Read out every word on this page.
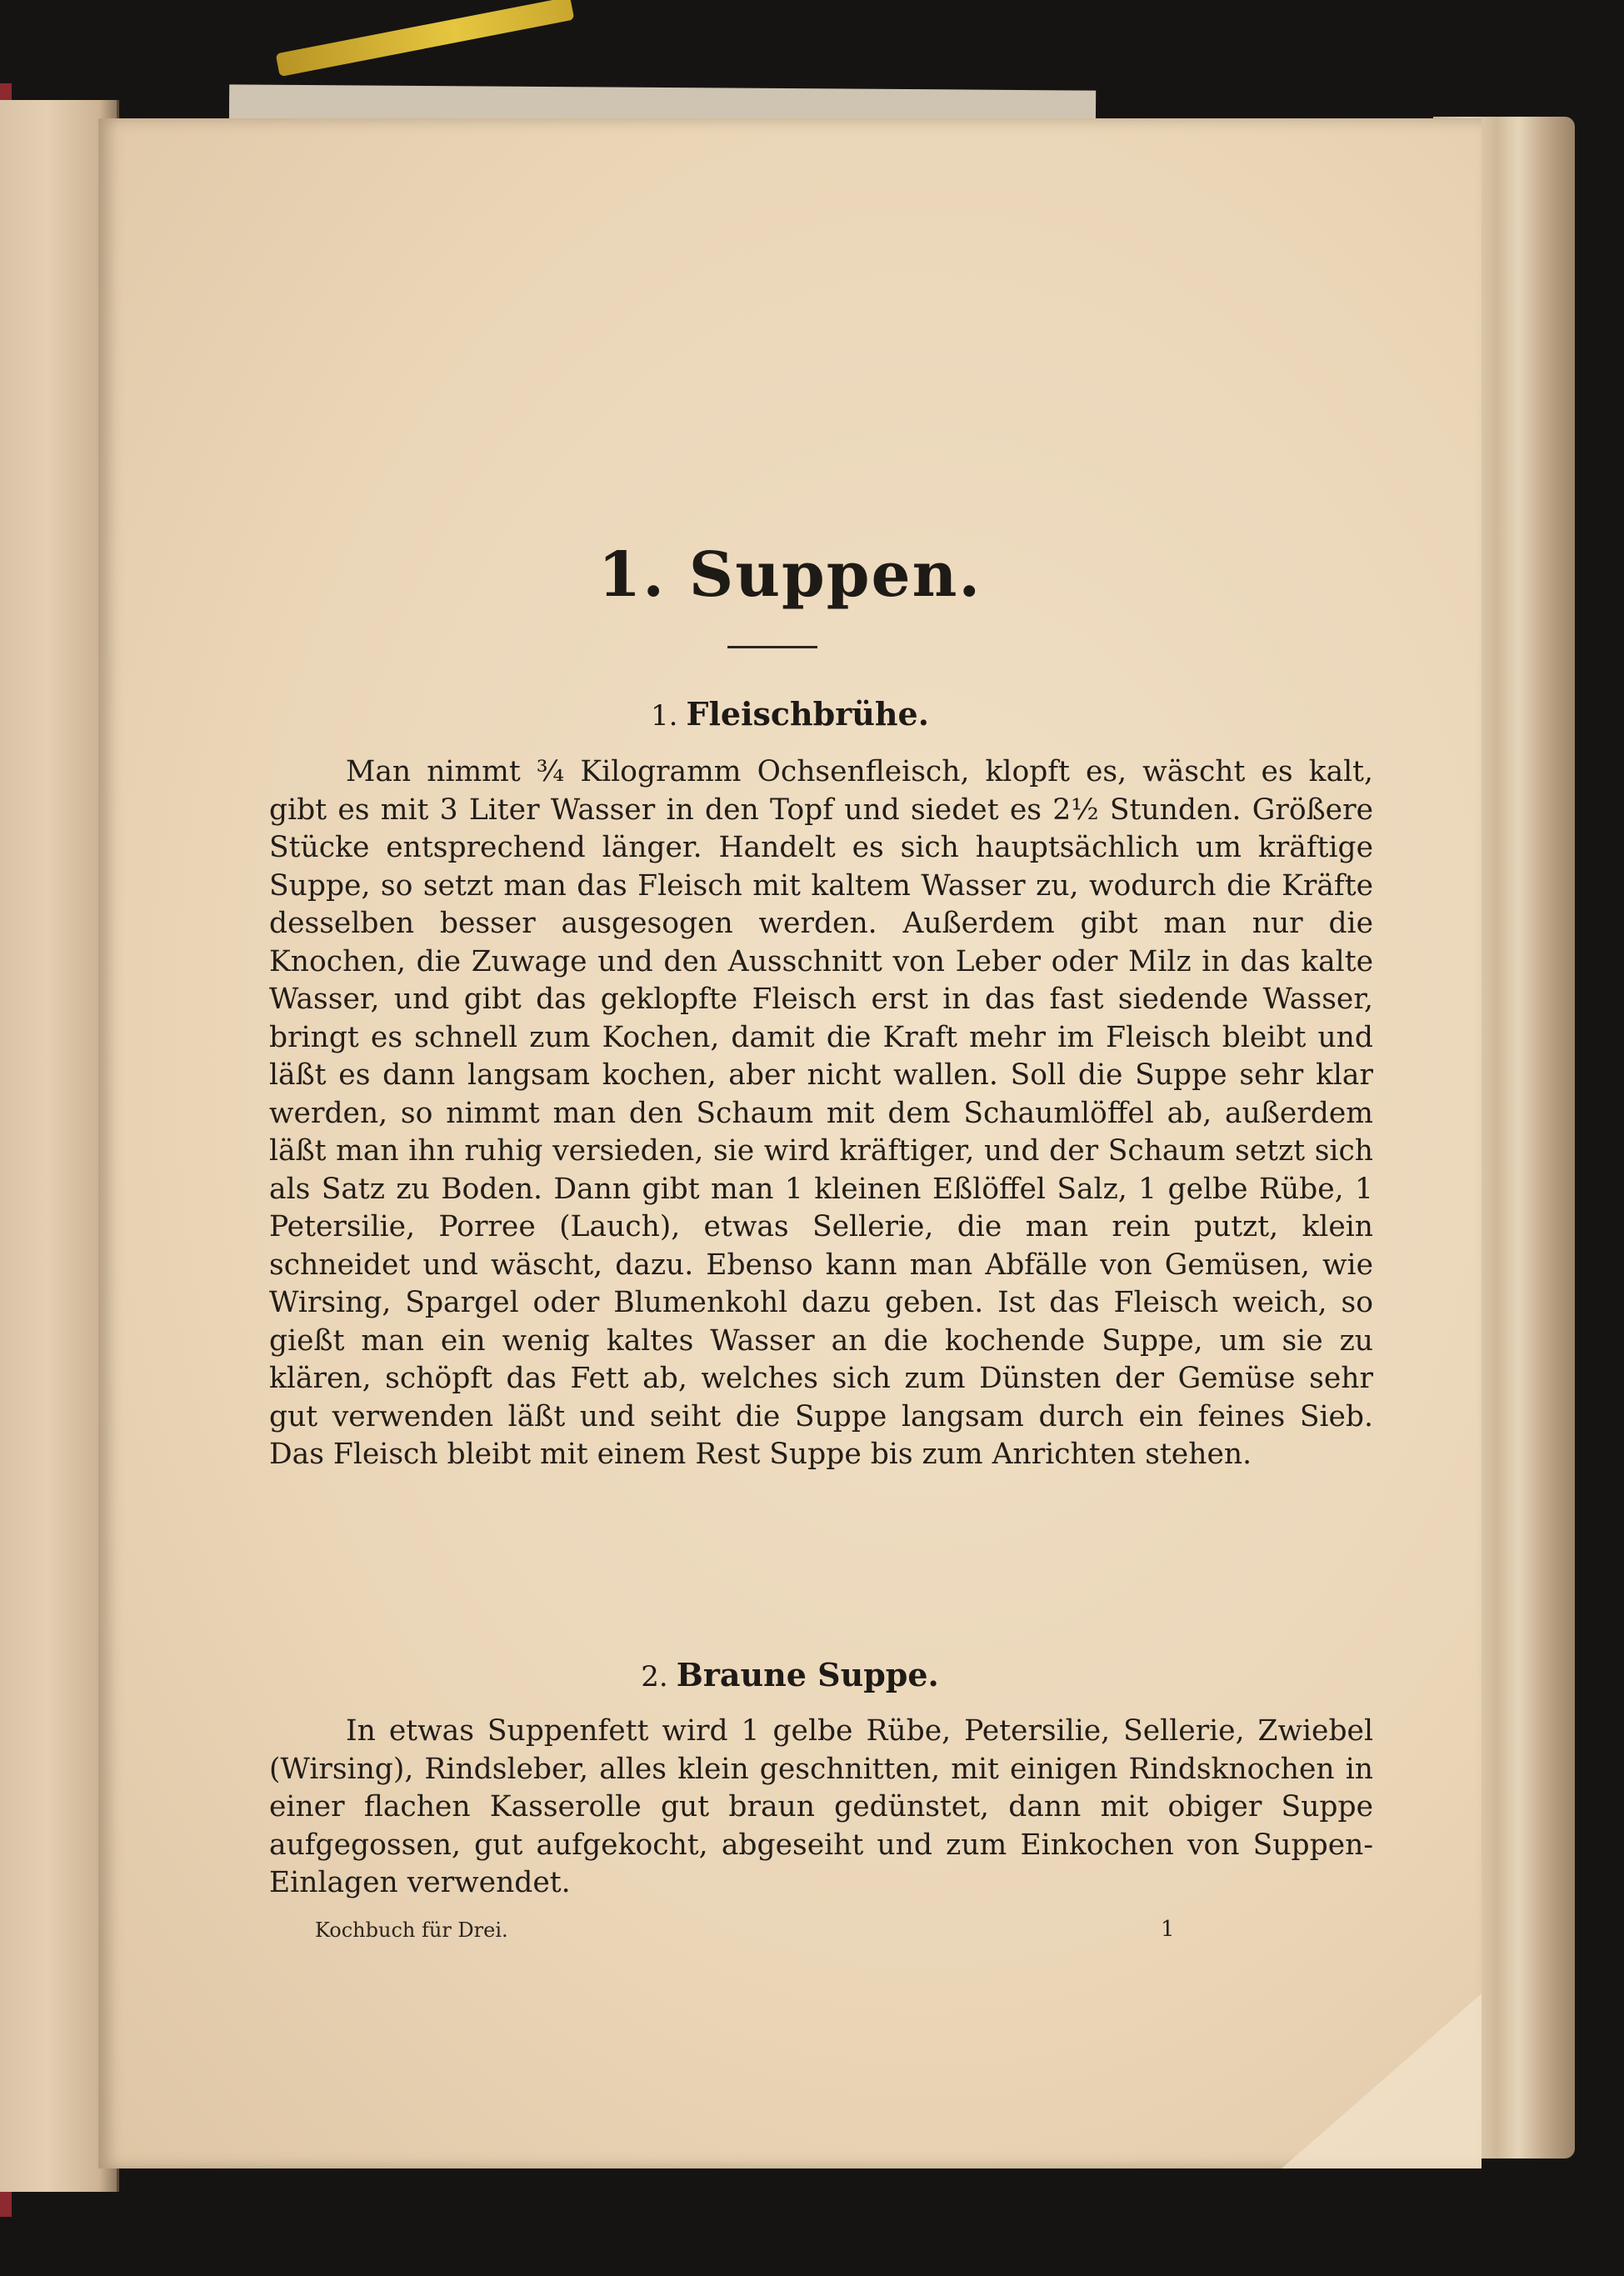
1. Suppen.
1. Fleischbrühe.

Man nimmt ¾ Kilogramm Ochsenfleisch, klopft es, wäscht es kalt, gibt es mit 3 Liter Wasser in den Topf und siedet es 2½ Stunden. Größere Stücke entsprechend länger. Handelt es sich hauptsächlich um kräftige Suppe, so setzt man das Fleisch mit kaltem Wasser zu, wodurch die Kräfte desselben besser ausgesogen werden. Außerdem gibt man nur die Knochen, die Zuwage und den Ausschnitt von Leber oder Milz in das kalte Wasser, und gibt das geklopfte Fleisch erst in das fast siedende Wasser, bringt es schnell zum Kochen, damit die Kraft mehr im Fleisch bleibt und läßt es dann langsam kochen, aber nicht wallen. Soll die Suppe sehr klar werden, so nimmt man den Schaum mit dem Schaumlöffel ab, außerdem läßt man ihn ruhig versieden, sie wird kräftiger, und der Schaum setzt sich als Satz zu Boden. Dann gibt man 1 kleinen Eßlöffel Salz, 1 gelbe Rübe, 1 Petersilie, Porree (Lauch), etwas Sellerie, die man rein putzt, klein schneidet und wäscht, dazu. Ebenso kann man Abfälle von Gemüsen, wie Wirsing, Spargel oder Blumenkohl dazu geben. Ist das Fleisch weich, so gießt man ein wenig kaltes Wasser an die kochende Suppe, um sie zu klären, schöpft das Fett ab, welches sich zum Dünsten der Gemüse sehr gut verwenden läßt und seiht die Suppe langsam durch ein feines Sieb. Das Fleisch bleibt mit einem Rest Suppe bis zum Anrichten stehen.

2. Braune Suppe.

In etwas Suppenfett wird 1 gelbe Rübe, Petersilie, Sellerie, Zwiebel (Wirsing), Rindsleber, alles klein geschnitten, mit einigen Rindsknochen in einer flachen Kasserolle gut braun gedünstet, dann mit obiger Suppe aufgegossen, gut aufgekocht, abgeseiht und zum Einkochen von Suppen-Einlagen verwendet.

Kochbuch für Drei.	1
